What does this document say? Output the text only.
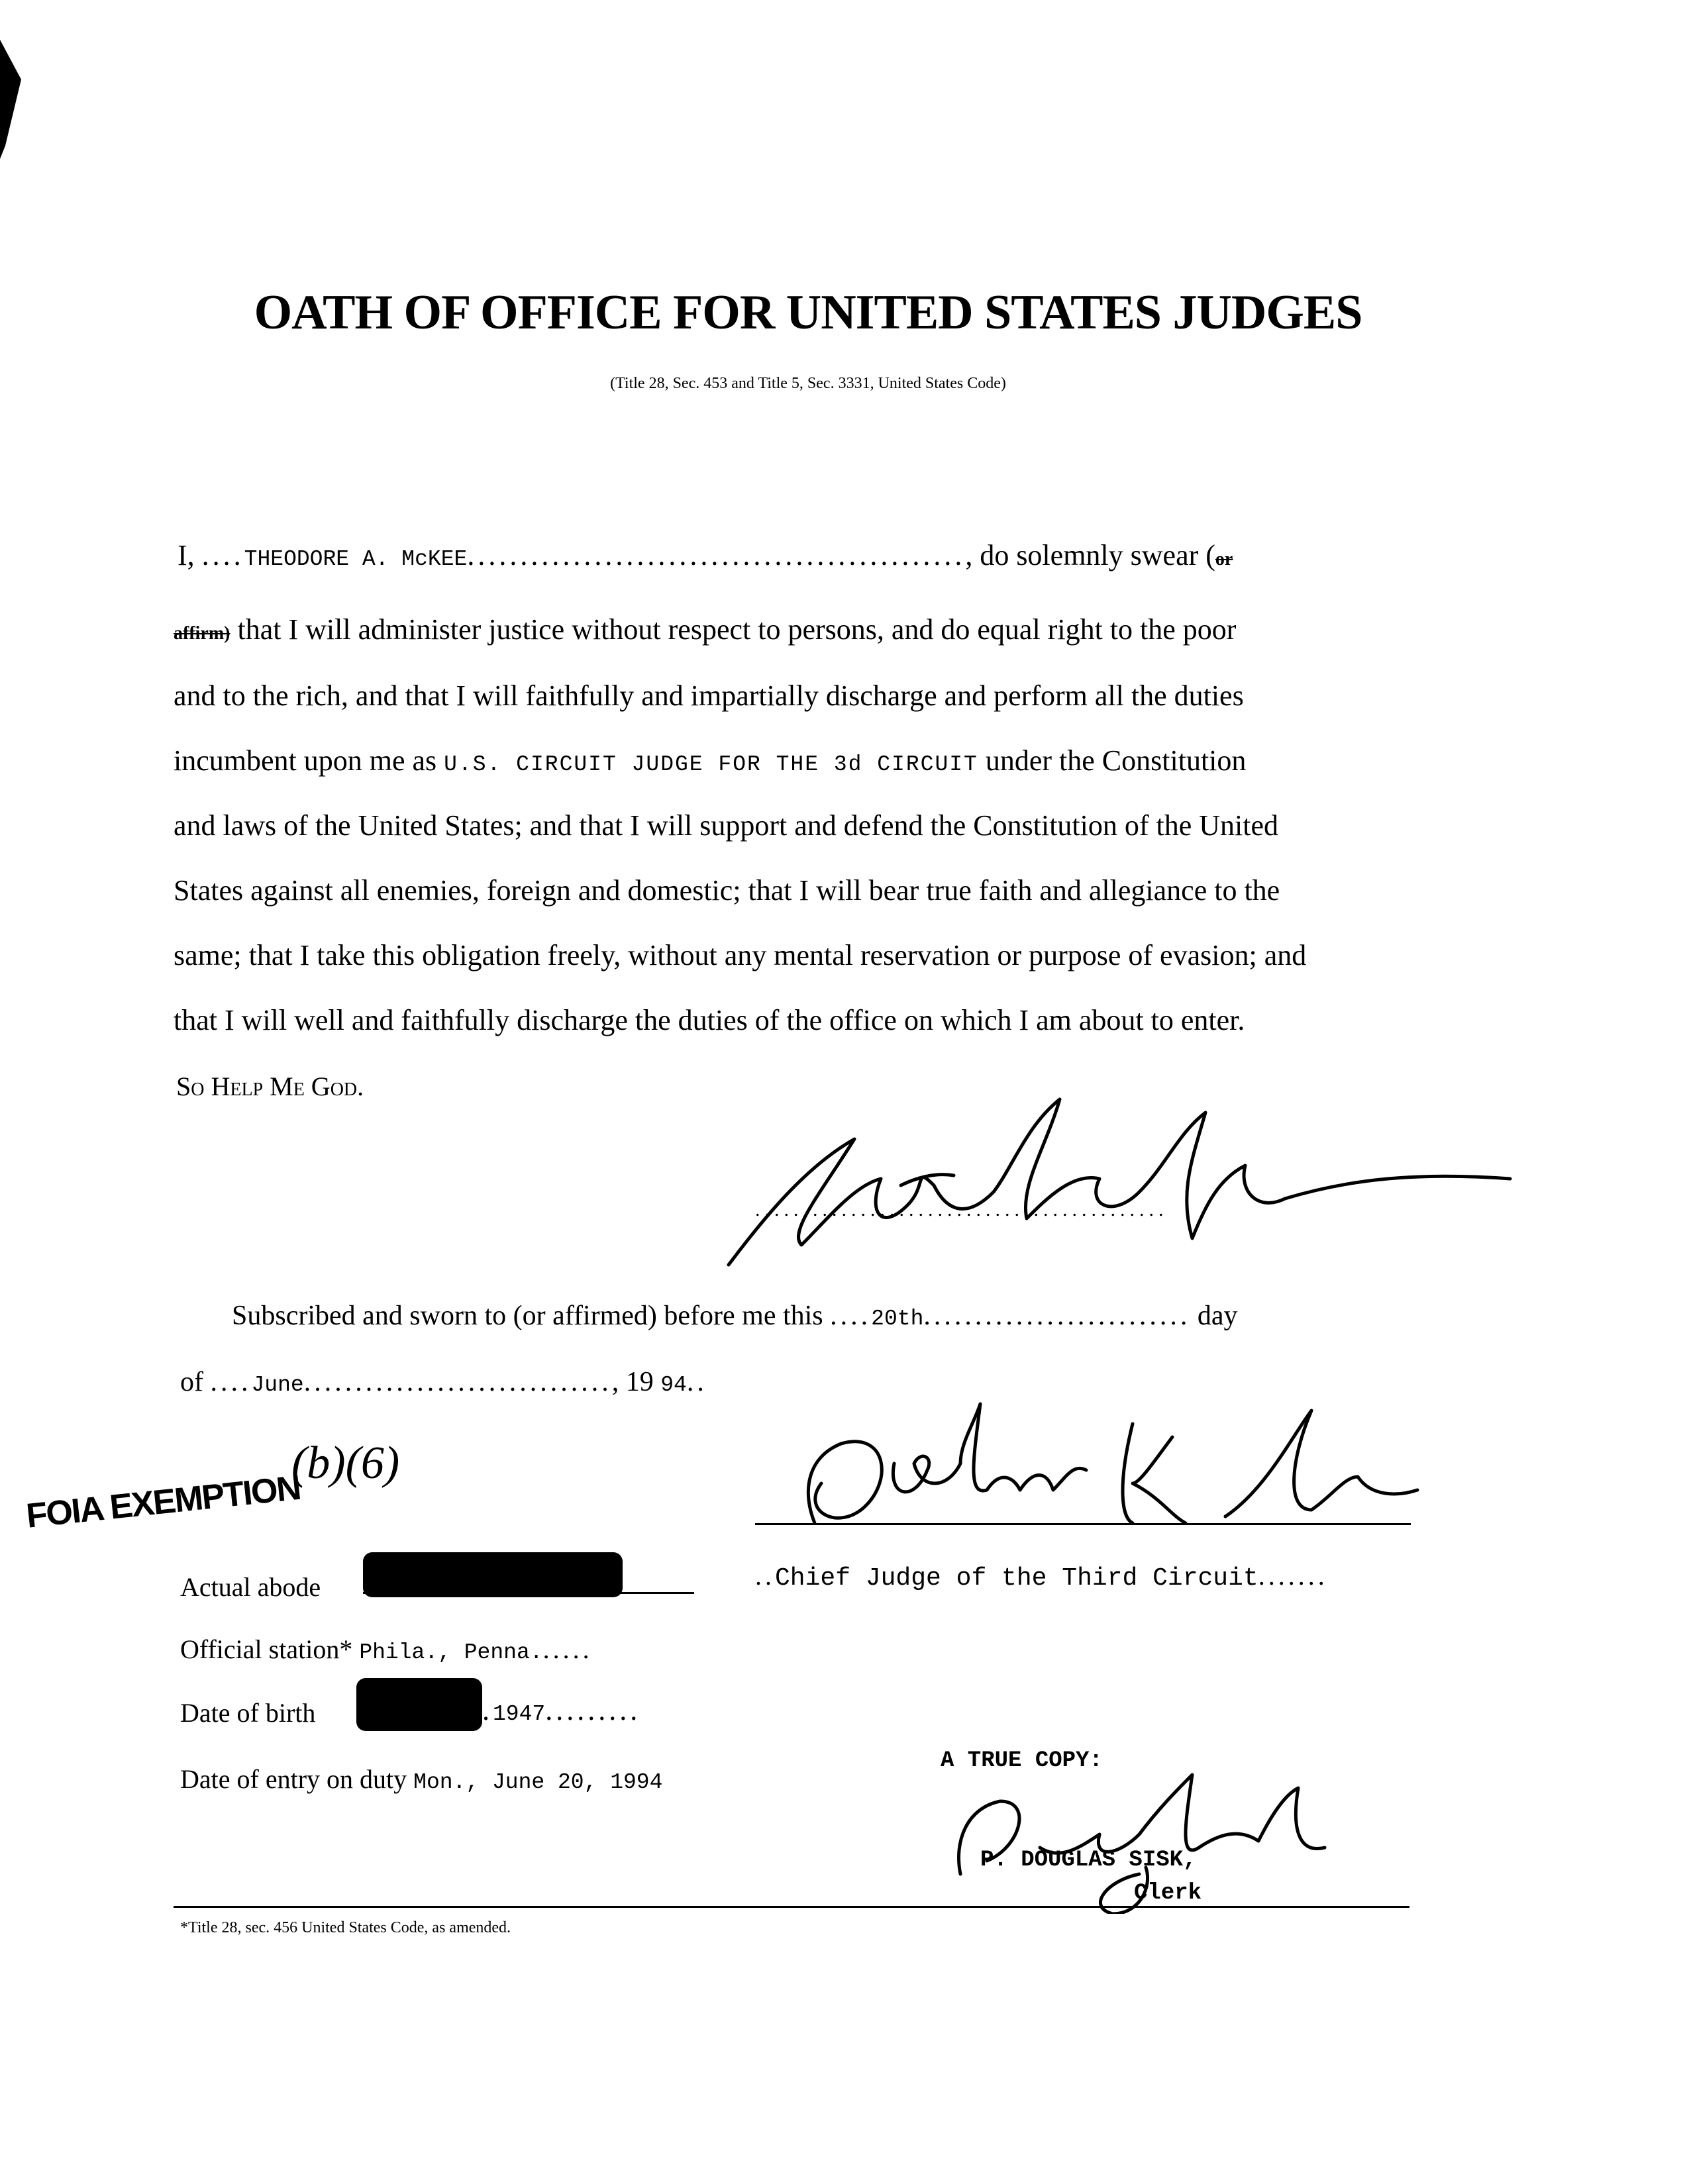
OATH OF OFFICE FOR UNITED STATES JUDGES
(Title 28, Sec. 453 and Title 5, Sec. 3331, United States Code)
I, ....THEODORE A. McKEE..............................................., do solemnly swear (or
affirm) that I will administer justice without respect to persons, and do equal right to the poor
and to the rich, and that I will faithfully and impartially discharge and perform all the duties
incumbent upon me as U.S. CIRCUIT JUDGE FOR THE 3d CIRCUIT under the Constitution
and laws of the United States; and that I will support and defend the Constitution of the United
States against all enemies, foreign and domestic; that I will bear true faith and allegiance to the
same; that I take this obligation freely, without any mental reservation or purpose of evasion; and
that I will well and faithfully discharge the duties of the office on which I am about to enter.
So Help Me God.
...........................................
Subscribed and sworn to (or affirmed) before me this ....20th.......................... day
of ....June.............................., 19 94..
FOIA EXEMPTION
(b)(6)
..Chief Judge of the Third Circuit.......
Actual abode
Official station* Phila., Penna......
Date of birth	.1947.........
Date of entry on duty Mon., June 20, 1994
A TRUE COPY:
P. DOUGLAS SISK,
Clerk
*Title 28, sec. 456 United States Code, as amended.
